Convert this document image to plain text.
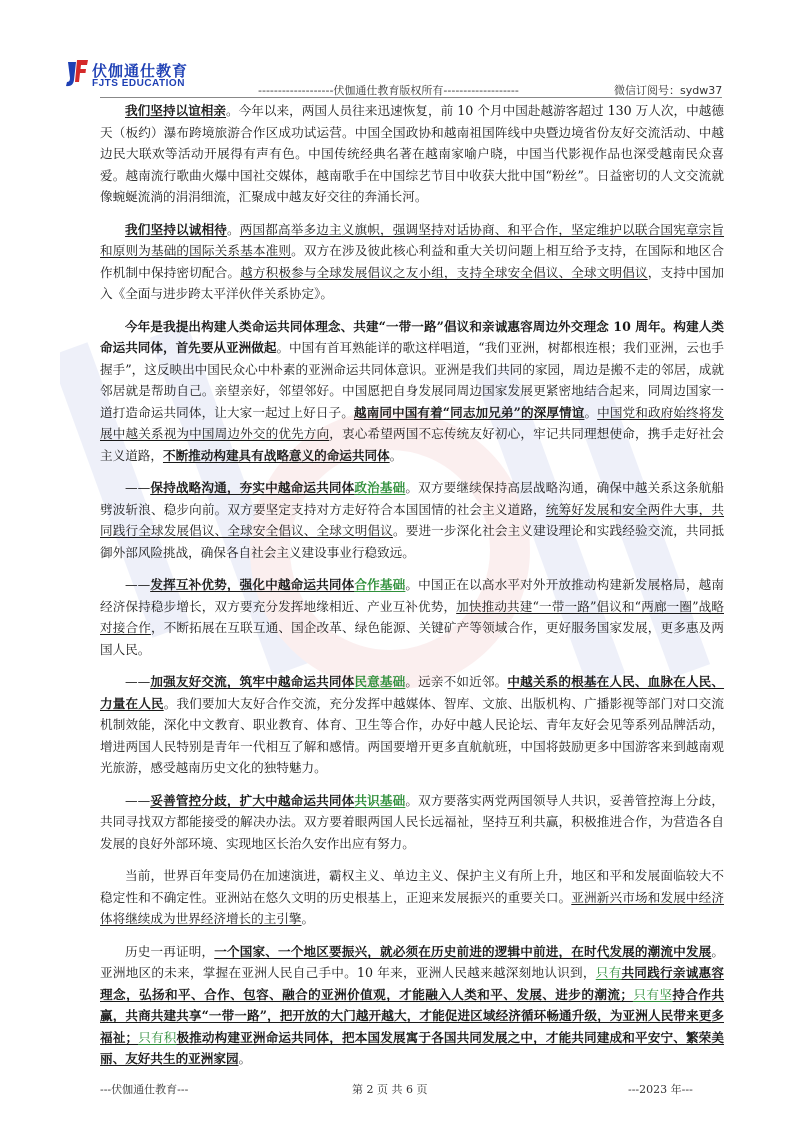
伏伽通仕教育
FJTS EDUCATION
-------------------伏伽通仕教育版权所有-------------------	微信订阅号：sydw37

我们坚持以谊相亲。今年以来，两国人员往来迅速恢复，前 10 个月中国赴越游客超过 130 万人次，中越德天（板约）瀑布跨境旅游合作区成功试运营。中国全国政协和越南祖国阵线中央暨边境省份友好交流活动、中越边民大联欢等活动开展得有声有色。中国传统经典名著在越南家喻户晓，中国当代影视作品也深受越南民众喜爱。越南流行歌曲火爆中国社交媒体，越南歌手在中国综艺节目中收获大批中国“粉丝”。日益密切的人文交流就像蜿蜒流淌的涓涓细流，汇聚成中越友好交往的奔涌长河。

我们坚持以诚相待。两国都高举多边主义旗帜，强调坚持对话协商、和平合作，坚定维护以联合国宪章宗旨和原则为基础的国际关系基本准则。双方在涉及彼此核心利益和重大关切问题上相互给予支持，在国际和地区合作机制中保持密切配合。越方积极参与全球发展倡议之友小组，支持全球安全倡议、全球文明倡议，支持中国加入《全面与进步跨太平洋伙伴关系协定》。

今年是我提出构建人类命运共同体理念、共建“一带一路”倡议和亲诚惠容周边外交理念 10 周年。构建人类命运共同体，首先要从亚洲做起。中国有首耳熟能详的歌这样唱道，“我们亚洲，树都根连根；我们亚洲，云也手握手”，这反映出中国民众心中朴素的亚洲命运共同体意识。亚洲是我们共同的家园，周边是搬不走的邻居，成就邻居就是帮助自己。亲望亲好，邻望邻好。中国愿把自身发展同周边国家发展更紧密地结合起来，同周边国家一道打造命运共同体，让大家一起过上好日子。越南同中国有着“同志加兄弟”的深厚情谊。中国党和政府始终将发展中越关系视为中国周边外交的优先方向，衷心希望两国不忘传统友好初心，牢记共同理想使命，携手走好社会主义道路，不断推动构建具有战略意义的命运共同体。

——保持战略沟通，夯实中越命运共同体政治基础。双方要继续保持高层战略沟通，确保中越关系这条航船劈波斩浪、稳步向前。双方要坚定支持对方走好符合本国国情的社会主义道路，统筹好发展和安全两件大事，共同践行全球发展倡议、全球安全倡议、全球文明倡议。要进一步深化社会主义建设理论和实践经验交流，共同抵御外部风险挑战，确保各自社会主义建设事业行稳致远。

——发挥互补优势，强化中越命运共同体合作基础。中国正在以高水平对外开放推动构建新发展格局，越南经济保持稳步增长，双方要充分发挥地缘相近、产业互补优势，加快推动共建“一带一路”倡议和“两廊一圈”战略对接合作，不断拓展在互联互通、国企改革、绿色能源、关键矿产等领域合作，更好服务国家发展，更多惠及两国人民。

——加强友好交流，筑牢中越命运共同体民意基础。远亲不如近邻。中越关系的根基在人民、血脉在人民、力量在人民。我们要加大友好合作交流，充分发挥中越媒体、智库、文旅、出版机构、广播影视等部门对口交流机制效能，深化中文教育、职业教育、体育、卫生等合作，办好中越人民论坛、青年友好会见等系列品牌活动，增进两国人民特别是青年一代相互了解和感情。两国要增开更多直航航班，中国将鼓励更多中国游客来到越南观光旅游，感受越南历史文化的独特魅力。

——妥善管控分歧，扩大中越命运共同体共识基础。双方要落实两党两国领导人共识，妥善管控海上分歧，共同寻找双方都能接受的解决办法。双方要着眼两国人民长远福祉，坚持互利共赢，积极推进合作，为营造各自发展的良好外部环境、实现地区长治久安作出应有努力。

当前，世界百年变局仍在加速演进，霸权主义、单边主义、保护主义有所上升，地区和平和发展面临较大不稳定性和不确定性。亚洲站在悠久文明的历史根基上，正迎来发展振兴的重要关口。亚洲新兴市场和发展中经济体将继续成为世界经济增长的主引擎。

历史一再证明，一个国家、一个地区要振兴，就必须在历史前进的逻辑中前进，在时代发展的潮流中发展。亚洲地区的未来，掌握在亚洲人民自己手中。10 年来，亚洲人民越来越深刻地认识到，只有共同践行亲诚惠容理念，弘扬和平、合作、包容、融合的亚洲价值观，才能融入人类和平、发展、进步的潮流；只有坚持合作共赢，共商共建共享“一带一路”，把开放的大门越开越大，才能促进区域经济循环畅通升级，为亚洲人民带来更多福祉；只有积极推动构建亚洲命运共同体，把本国发展寓于各国共同发展之中，才能共同建成和平安宁、繁荣美丽、友好共生的亚洲家园。

---伏伽通仕教育---	第 2 页 共 6 页	---2023 年---
